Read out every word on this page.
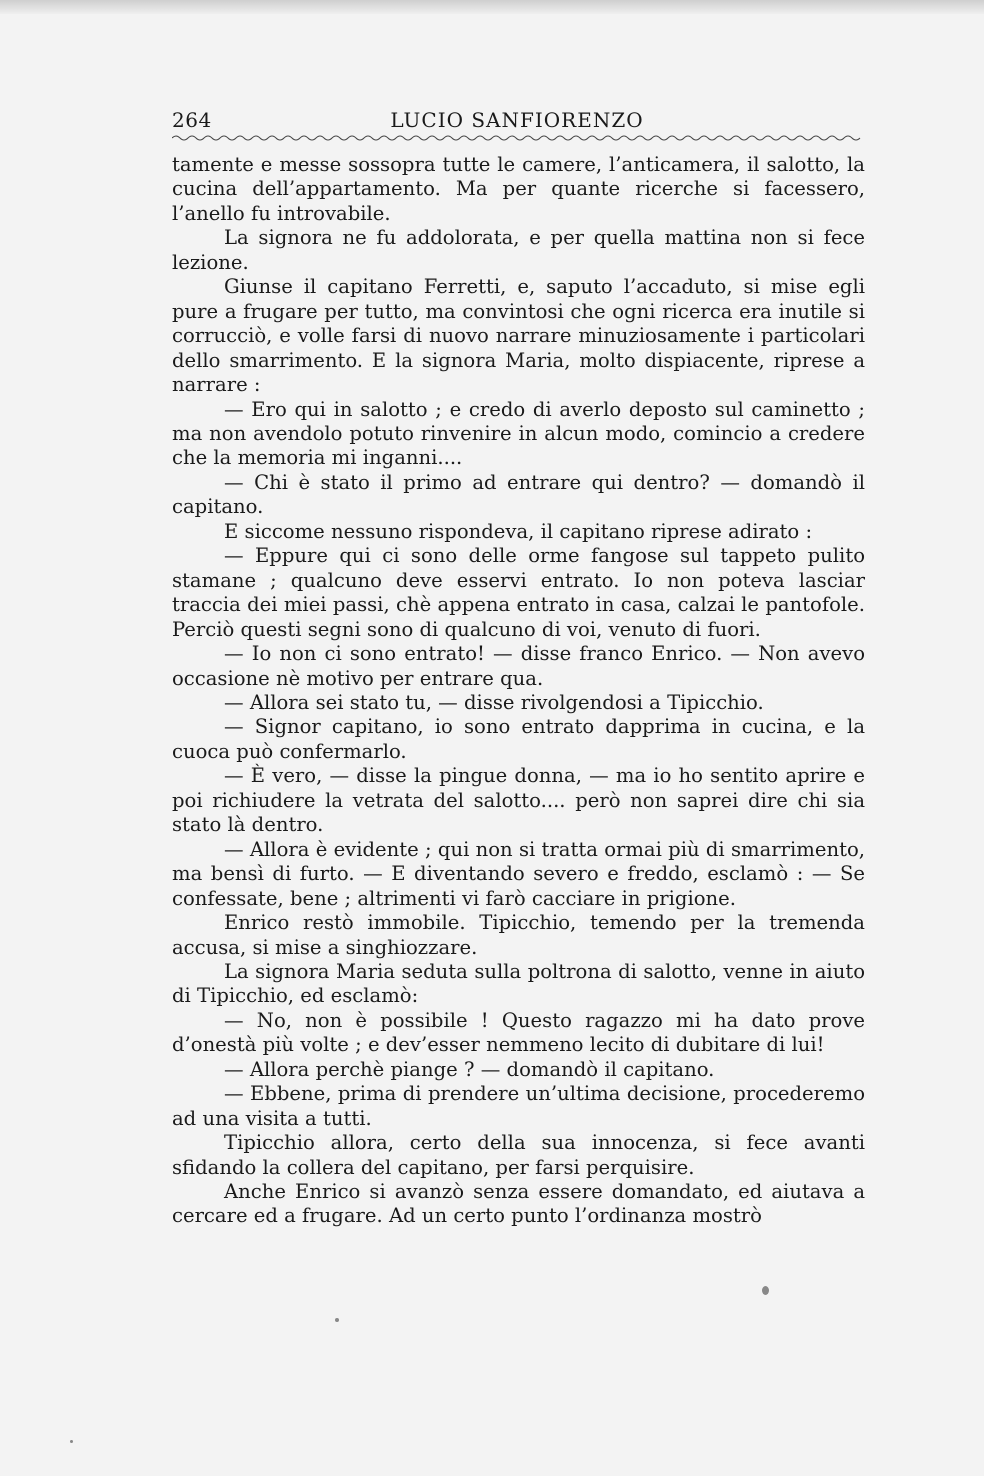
264	LUCIO SANFIORENZO

tamente e messe sossopra tutte le camere, l’anticamera, il salotto, la cucina dell’appartamento. Ma per quante ricerche si facessero, l’anello fu introvabile.

La signora ne fu addolorata, e per quella mattina non si fece lezione.

Giunse il capitano Ferretti, e, saputo l’accaduto, si mise egli pure a frugare per tutto, ma convintosi che ogni ricerca era inutile si corrucciò, e volle farsi di nuovo narrare minuziosamente i particolari dello smarrimento. E la signora Maria, molto dispiacente, riprese a narrare :

— Ero qui in salotto ; e credo di averlo deposto sul caminetto ; ma non avendolo potuto rinvenire in alcun modo, comincio a credere che la memoria mi inganni....

— Chi è stato il primo ad entrare qui dentro? — domandò il capitano.

E siccome nessuno rispondeva, il capitano riprese adirato :

— Eppure qui ci sono delle orme fangose sul tappeto pulito stamane ; qualcuno deve esservi entrato. Io non poteva lasciar traccia dei miei passi, chè appena entrato in casa, calzai le pantofole. Perciò questi segni sono di qualcuno di voi, venuto di fuori.

— Io non ci sono entrato! — disse franco Enrico. — Non avevo occasione nè motivo per entrare qua.

— Allora sei stato tu, — disse rivolgendosi a Tipicchio.

— Signor capitano, io sono entrato dapprima in cucina, e la cuoca può confermarlo.

— È vero, — disse la pingue donna, — ma io ho sentito aprire e poi richiudere la vetrata del salotto.... però non saprei dire chi sia stato là dentro.

— Allora è evidente ; qui non si tratta ormai più di smarrimento, ma bensì di furto. — E diventando severo e freddo, esclamò : — Se confessate, bene ; altrimenti vi farò cacciare in prigione.

Enrico restò immobile. Tipicchio, temendo per la tremenda accusa, si mise a singhiozzare.

La signora Maria seduta sulla poltrona di salotto, venne in aiuto di Tipicchio, ed esclamò:

— No, non è possibile ! Questo ragazzo mi ha dato prove d’onestà più volte ; e dev’esser nemmeno lecito di dubitare di lui!

— Allora perchè piange ? — domandò il capitano.

— Ebbene, prima di prendere un’ultima decisione, procederemo ad una visita a tutti.

Tipicchio allora, certo della sua innocenza, si fece avanti sfidando la collera del capitano, per farsi perquisire.

Anche Enrico si avanzò senza essere domandato, ed aiutava a cercare ed a frugare. Ad un certo punto l’ordinanza mostrò
